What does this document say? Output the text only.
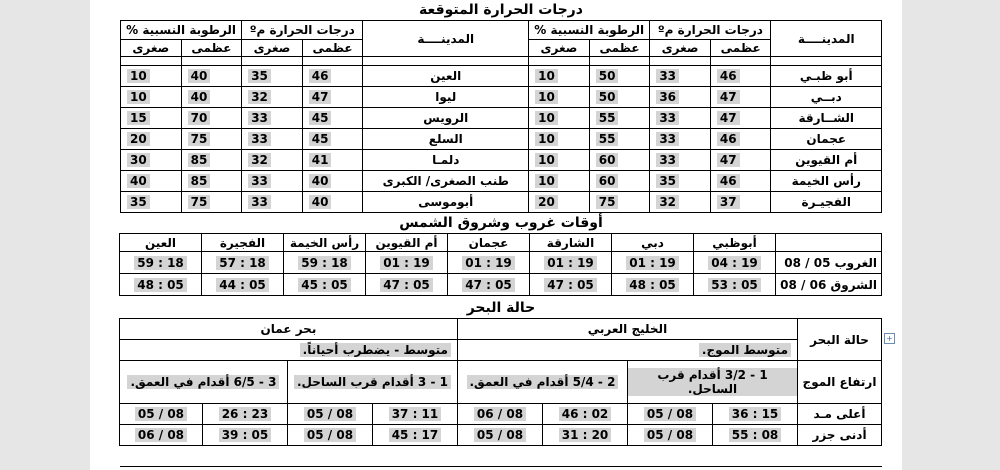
درجات الحرارة المتوقعة
المدينــــة	درجات الحرارة مº		الرطوبة النسبية %		المدينــــة	درجات الحرارة مº		الرطوبة النسبية %	
	عظمى	صغرى	عظمى	صغرى		عظمى	صغرى	عظمى	صغرى

أبو ظبـي	46	33	50	10	العين	46	35	40	10
دبــي	47	36	50	10	ليوا	47	32	40	10
الشــارقة	47	33	55	10	الرويس	45	33	70	15
عجمان	46	33	55	10	السلع	45	33	75	20
أم القيوين	47	33	60	10	دلمـا	41	32	85	30
رأس الخيمة	46	35	60	10	طنب الصغرى/ الكبرى	40	33	85	40
الفجيـرة	37	32	75	20	أبوموسى	40	33	75	35
أوقات غروب وشروق الشمس
	أبوظبي	دبي	الشارقة	عجمان	أم القيوين	رأس الخيمة	الفجيرة	العين
الغروب 05 / 08	19 : 04	19 : 01	19 : 01	19 : 01	19 : 01	18 : 59	18 : 57	18 : 59
الشروق 06 / 08	05 : 53	05 : 48	05 : 47	05 : 47	05 : 47	05 : 45	05 : 44	05 : 48
حالة البحر
حالة البحر	الخليج العربي				بحر عمان			
	متوسط الموج.				متوسط - يضطرب أحياناً.			
ارتفاع الموج	1 - 3/2 أقدام قرب الساحل.		2 - 5/4 أقدام في العمق.		1 - 3 أقدام قرب الساحل.		3 - 6/5 أقدام في العمق.	
أعلى مـد	15 : 36	08 / 05	02 : 46	08 / 06	11 : 37	08 / 05	23 : 26	08 / 05
أدنى جزر	08 : 55	08 / 05	20 : 31	08 / 05	17 : 45	08 / 05	05 : 39	08 / 06
+
